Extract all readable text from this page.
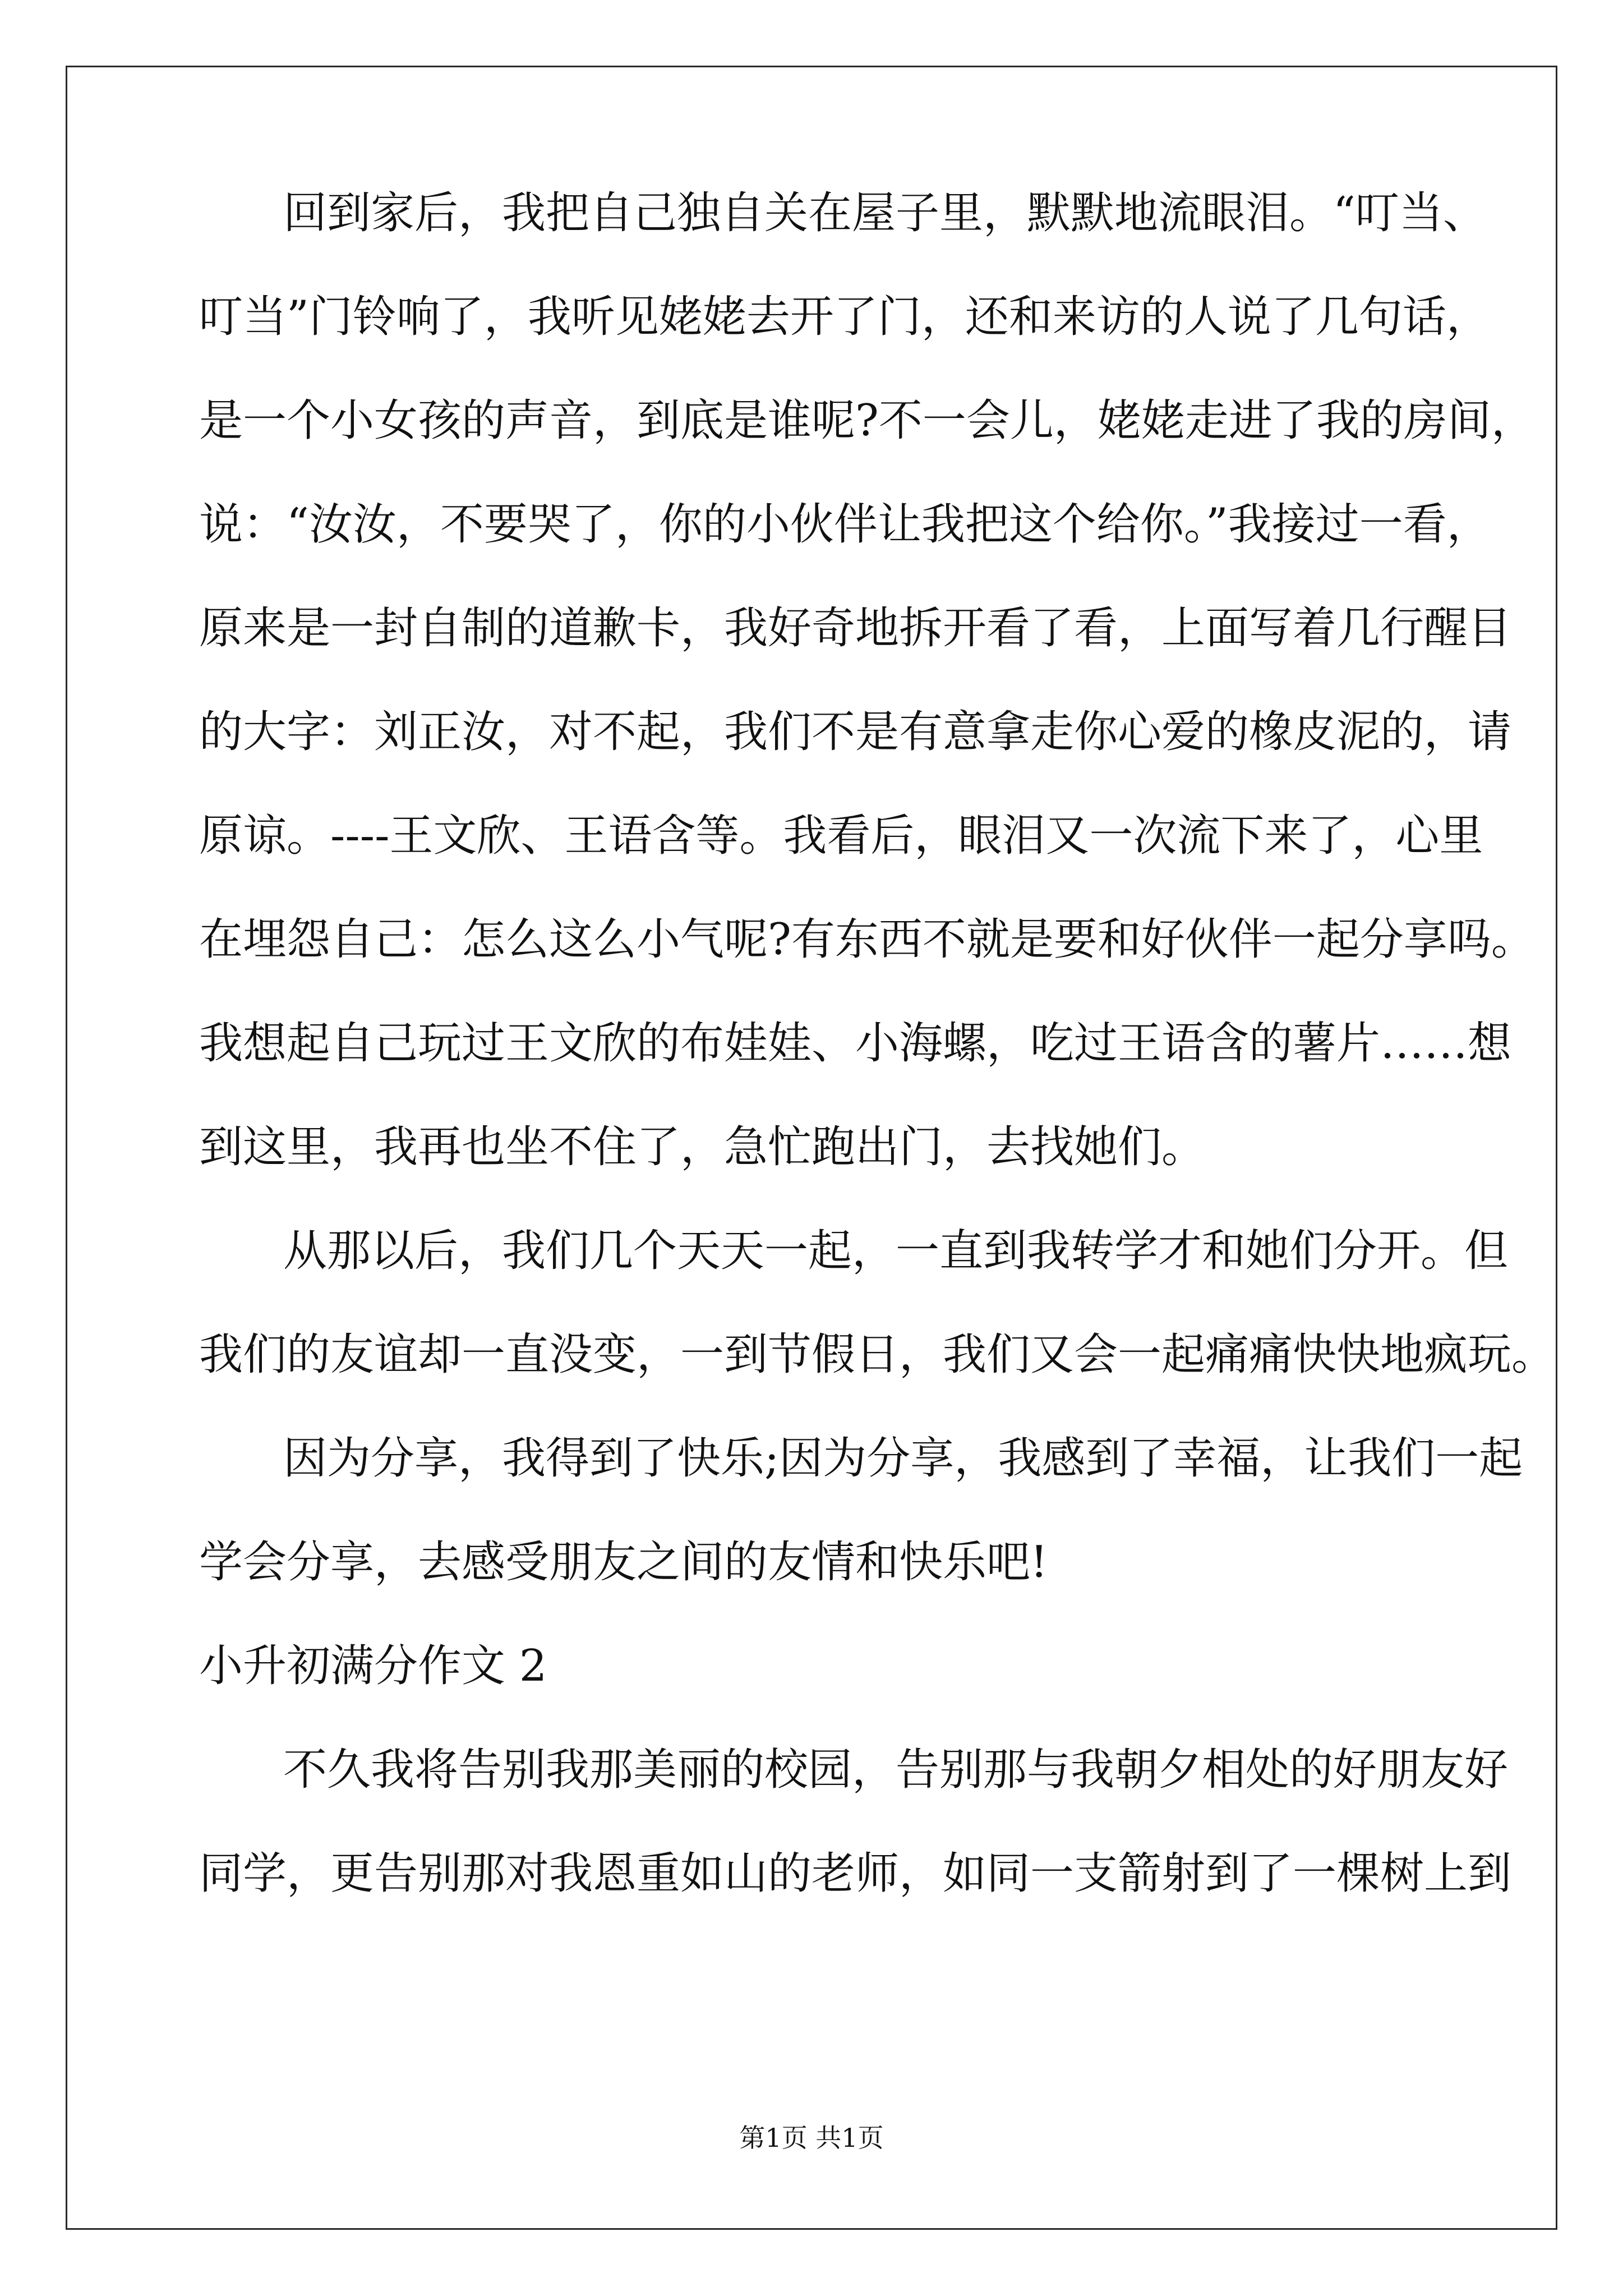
回到家后，我把自己独自关在屋子里，默默地流眼泪。“叮当、
叮当”门铃响了，我听见姥姥去开了门，还和来访的人说了几句话，
是一个小女孩的声音，到底是谁呢?不一会儿，姥姥走进了我的房间，
说：“汝汝，不要哭了，你的小伙伴让我把这个给你。”我接过一看，
原来是一封自制的道歉卡，我好奇地拆开看了看，上面写着几行醒目
的大字：刘正汝，对不起，我们不是有意拿走你心爱的橡皮泥的，请
原谅。----王文欣、王语含等。我看后，眼泪又一次流下来了，心里
在埋怨自己：怎么这么小气呢?有东西不就是要和好伙伴一起分享吗。
我想起自己玩过王文欣的布娃娃、小海螺，吃过王语含的薯片……想
到这里，我再也坐不住了，急忙跑出门，去找她们。
从那以后，我们几个天天一起，一直到我转学才和她们分开。但
我们的友谊却一直没变，一到节假日，我们又会一起痛痛快快地疯玩。
因为分享，我得到了快乐;因为分享，我感到了幸福，让我们一起
学会分享，去感受朋友之间的友情和快乐吧!
小升初满分作文 2
不久我将告别我那美丽的校园，告别那与我朝夕相处的好朋友好
同学，更告别那对我恩重如山的老师，如同一支箭射到了一棵树上到
第1页 共1页
